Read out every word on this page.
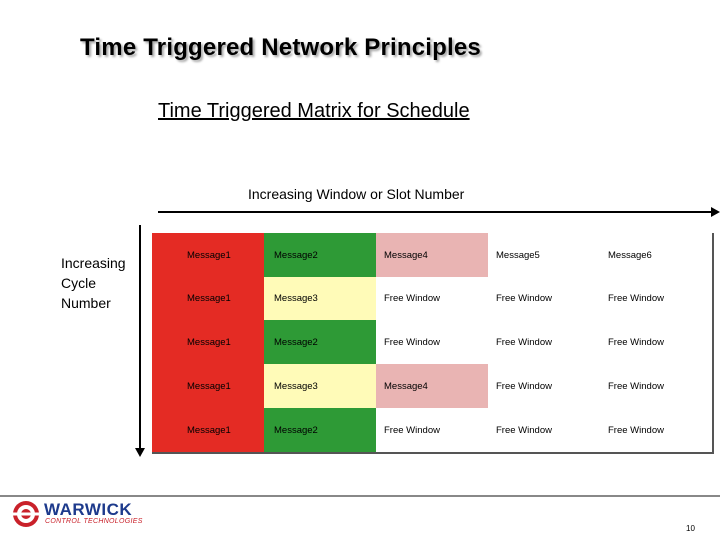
Time Triggered Network Principles
Time Triggered Matrix for Schedule
Increasing Window or Slot Number
Increasing
Cycle
Number
Message1	Message2	Message4	Message5	Message6
Message1	Message3	Free Window	Free Window	Free Window
Message1	Message2	Free Window	Free Window	Free Window
Message1	Message3	Message4	Free Window	Free Window
Message1	Message2	Free Window	Free Window	Free Window
WARWICK
CONTROL TECHNOLOGIES
10
